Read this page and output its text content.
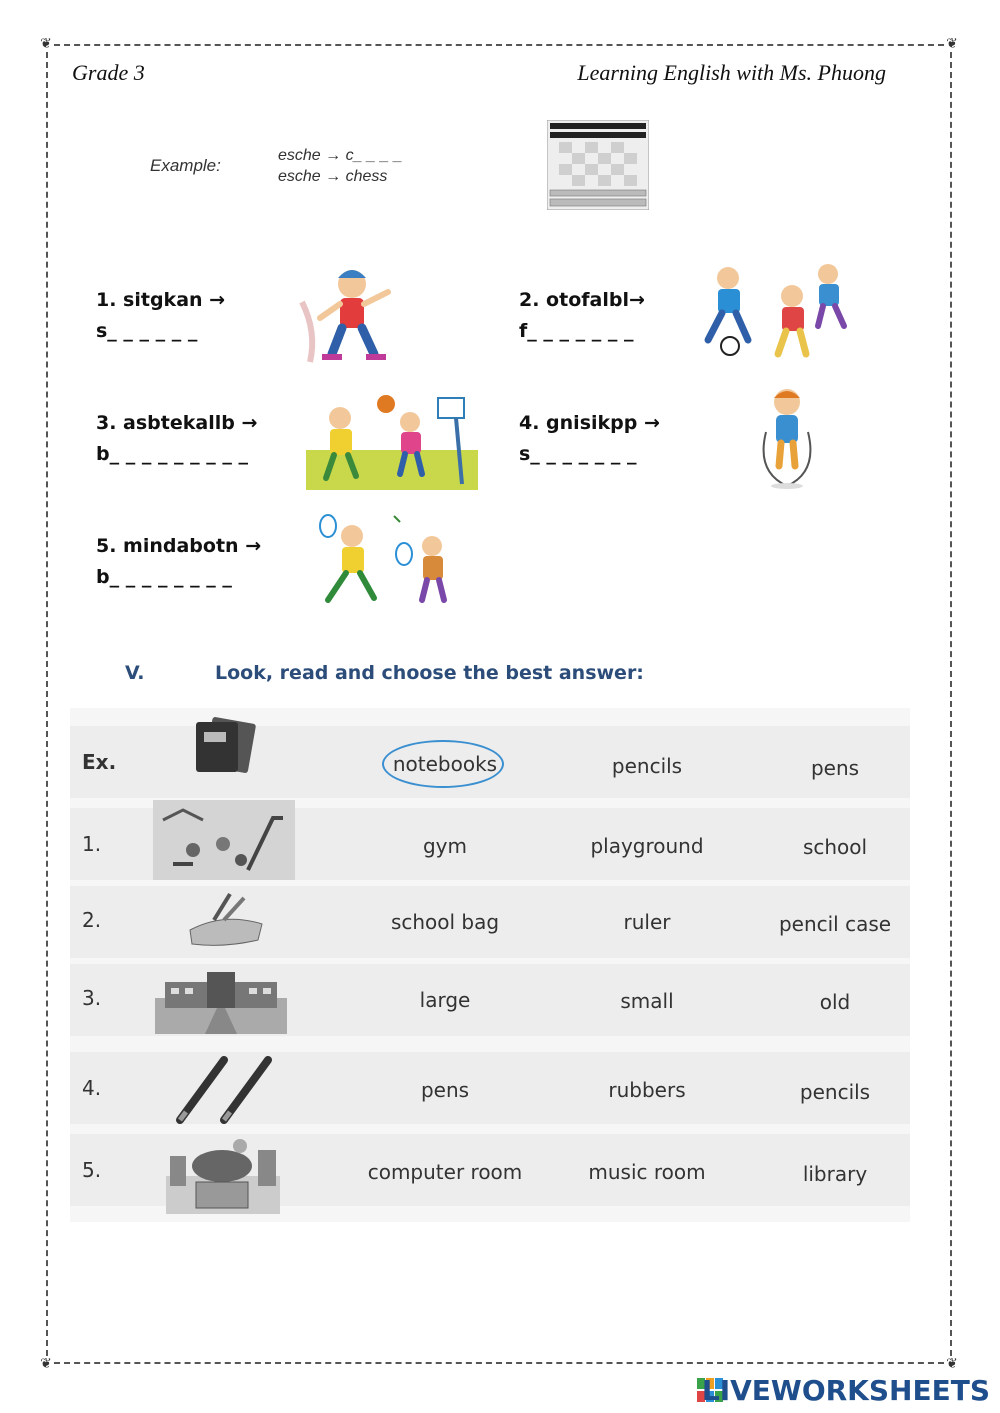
❦	❦
❦	❦
Grade 3	Learning English with Ms. Phuong
Example:
esche → c_ _ _ _
esche → chess
1. sitgkan →
s_ _ _ _ _ _
2. otofalbl→
f_ _ _ _ _ _ _
3. asbtekallb →
b_ _ _ _ _ _ _ _ _
4. gnisikpp →
s_ _ _ _ _ _ _
5. mindabotn →
b_ _ _ _ _ _ _ _
V.	Look, read and choose the best answer:
Ex.	notebooks	pencils	pens
1.	gym	playground	school
2.	school bag	ruler	pencil case
3.	large	small	old
4.	pens	rubbers	pencils
5.	computer room	music room	library
LIVEWORKSHEETS
